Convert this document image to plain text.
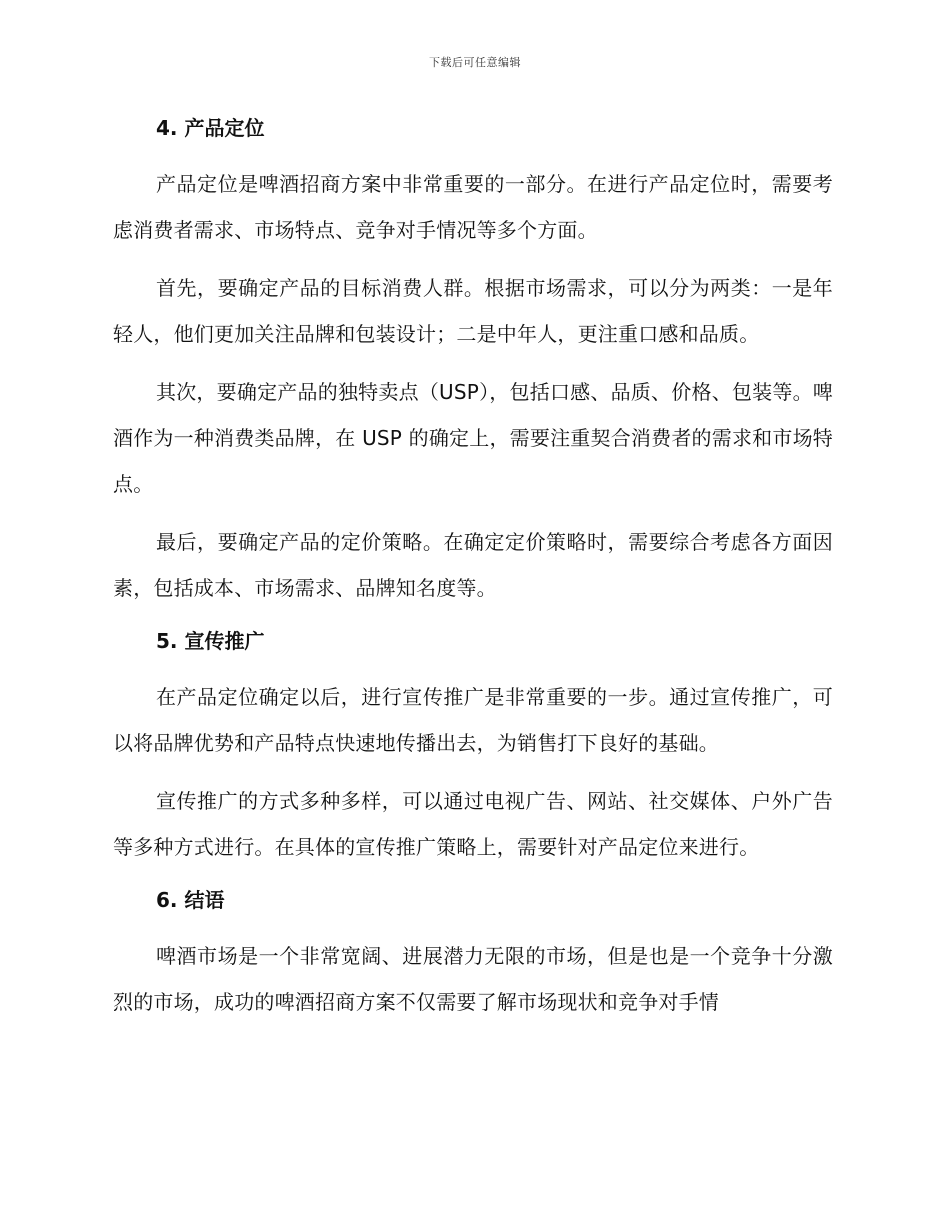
下载后可任意编辑
4. 产品定位

产品定位是啤酒招商方案中非常重要的一部分。在进行产品定位时，需要考虑消费者需求、市场特点、竞争对手情况等多个方面。

首先，要确定产品的目标消费人群。根据市场需求，可以分为两类：一是年轻人，他们更加关注品牌和包装设计；二是中年人，更注重口感和品质。

其次，要确定产品的独特卖点（USP），包括口感、品质、价格、包装等。啤酒作为一种消费类品牌，在 USP 的确定上，需要注重契合消费者的需求和市场特点。

最后，要确定产品的定价策略。在确定定价策略时，需要综合考虑各方面因素，包括成本、市场需求、品牌知名度等。

5. 宣传推广

在产品定位确定以后，进行宣传推广是非常重要的一步。通过宣传推广，可以将品牌优势和产品特点快速地传播出去，为销售打下良好的基础。

宣传推广的方式多种多样，可以通过电视广告、网站、社交媒体、户外广告等多种方式进行。在具体的宣传推广策略上，需要针对产品定位来进行。

6. 结语

啤酒市场是一个非常宽阔、进展潜力无限的市场，但是也是一个竞争十分激烈的市场，成功的啤酒招商方案不仅需要了解市场现状和竞争对手情
